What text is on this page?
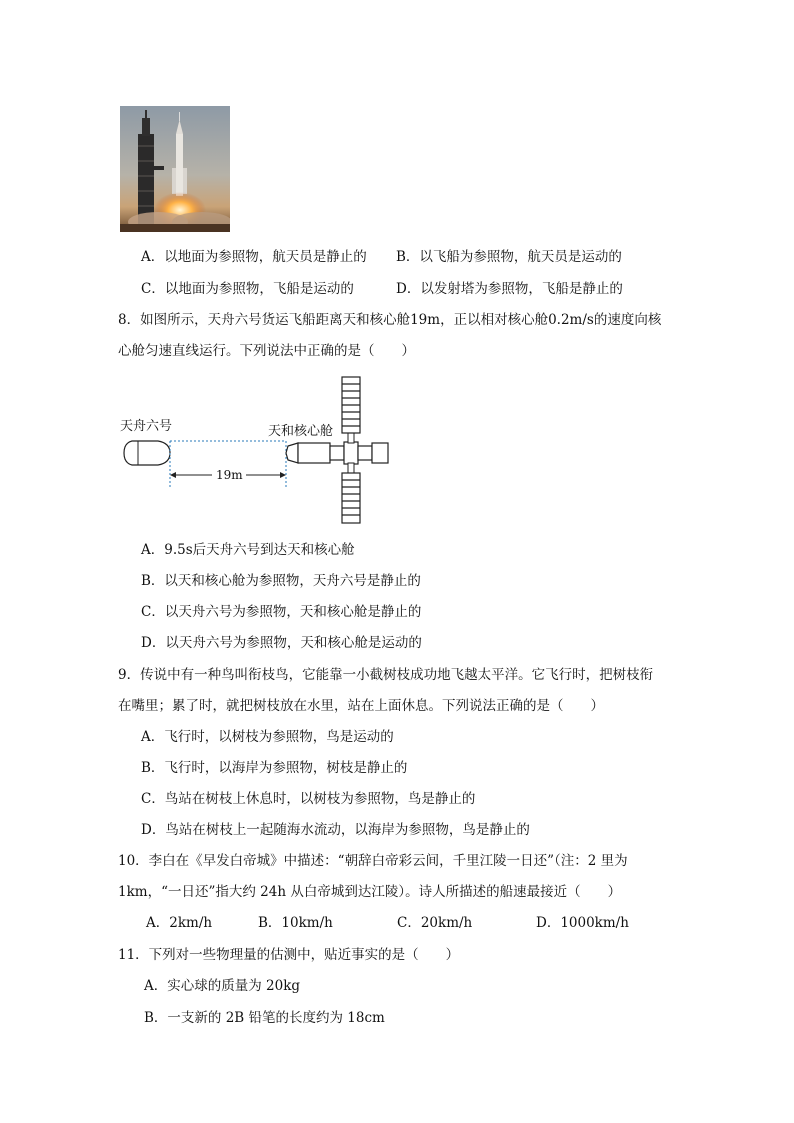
A．以地面为参照物，航天员是静止的 B．以飞船为参照物，航天员是运动的
C．以地面为参照物，飞船是运动的	D．以发射塔为参照物，飞船是静止的
8．如图所示，天舟六号货运飞船距离天和核心舱19m，正以相对核心舱0.2m/s的速度向核
心舱匀速直线运行。下列说法中正确的是（　　）
天舟六号
19m
天和核心舱
A．9.5s后天舟六号到达天和核心舱
B．以天和核心舱为参照物，天舟六号是静止的
C．以天舟六号为参照物，天和核心舱是静止的
D．以天舟六号为参照物，天和核心舱是运动的
9．传说中有一种鸟叫衔枝鸟，它能靠一小截树枝成功地飞越太平洋。它飞行时，把树枝衔
在嘴里；累了时，就把树枝放在水里，站在上面休息。下列说法正确的是（　　）
A．飞行时，以树枝为参照物，鸟是运动的
B．飞行时，以海岸为参照物，树枝是静止的
C．鸟站在树枝上休息时，以树枝为参照物，鸟是静止的
D．鸟站在树枝上一起随海水流动，以海岸为参照物，鸟是静止的
10．李白在《早发白帝城》中描述：“朝辞白帝彩云间，千里江陵一日还”（注：2 里为
1km，“一日还”指大约 24h 从白帝城到达江陵）。诗人所描述的船速最接近（　　）
A．2km/h	B．10km/h	C．20km/h	D．1000km/h
11．下列对一些物理量的估测中，贴近事实的是（　　）
A．实心球的质量为 20kg
B．一支新的 2B 铅笔的长度约为 18cm
